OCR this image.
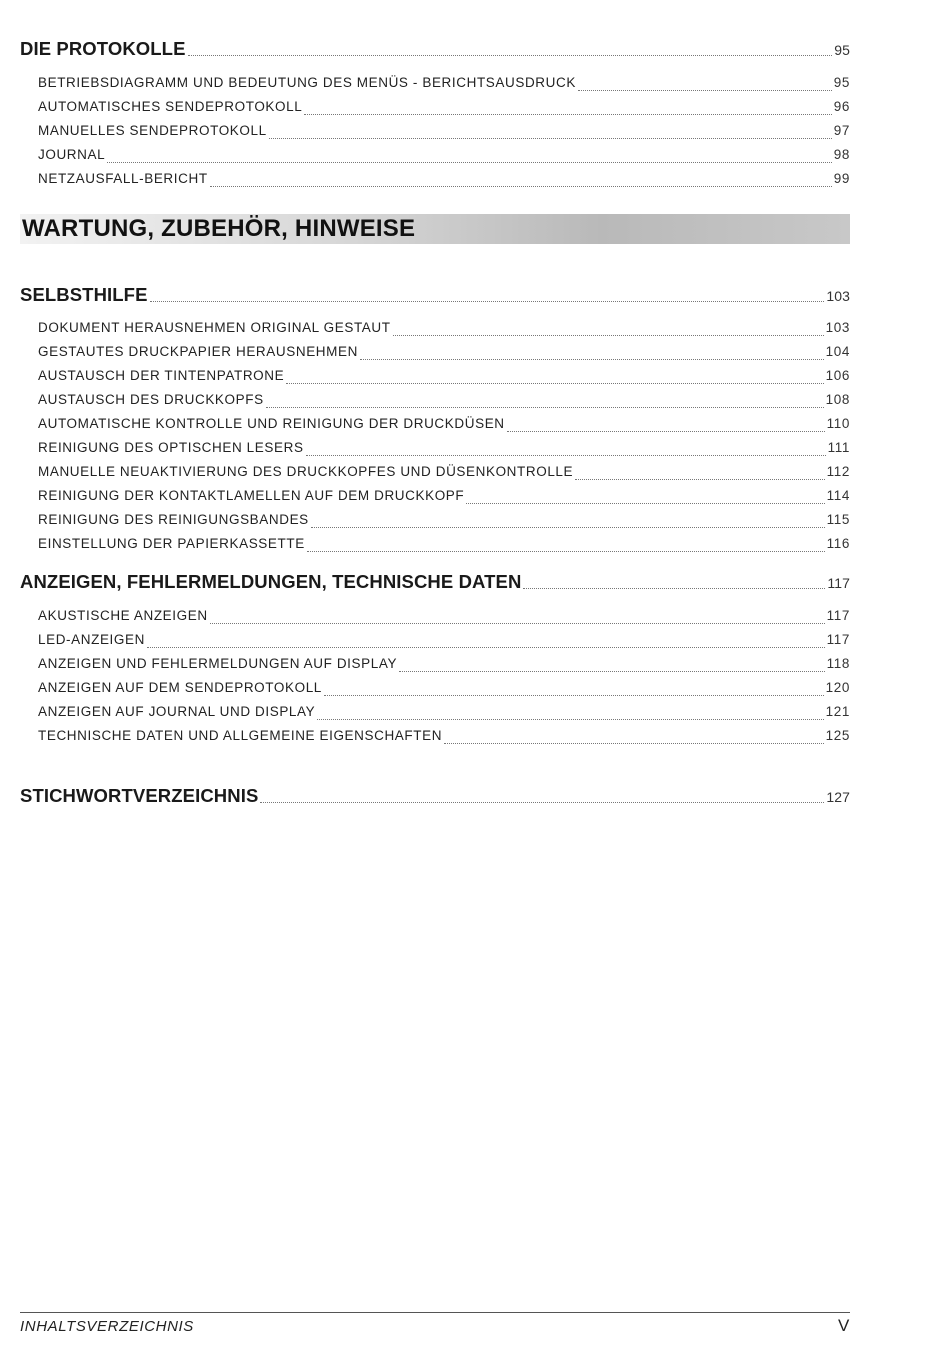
DIE PROTOKOLLE	95
BETRIEBSDIAGRAMM UND BEDEUTUNG DES MENÜS - BERICHTSAUSDRUCK	95
AUTOMATISCHES SENDEPROTOKOLL	96
MANUELLES SENDEPROTOKOLL	97
JOURNAL	98
NETZAUSFALL-BERICHT	99
WARTUNG, ZUBEHÖR, HINWEISE
SELBSTHILFE	103
DOKUMENT HERAUSNEHMEN ORIGINAL GESTAUT	103
GESTAUTES DRUCKPAPIER HERAUSNEHMEN	104
AUSTAUSCH DER TINTENPATRONE	106
AUSTAUSCH DES DRUCKKOPFS	108
AUTOMATISCHE KONTROLLE UND REINIGUNG DER DRUCKDÜSEN	110
REINIGUNG DES OPTISCHEN LESERS	111
MANUELLE NEUAKTIVIERUNG DES DRUCKKOPFES UND DÜSENKONTROLLE	112
REINIGUNG DER KONTAKTLAMELLEN AUF DEM DRUCKKOPF	114
REINIGUNG DES REINIGUNGSBANDES	115
EINSTELLUNG DER PAPIERKASSETTE	116
ANZEIGEN, FEHLERMELDUNGEN, TECHNISCHE DATEN	117
AKUSTISCHE ANZEIGEN	117
LED-ANZEIGEN	117
ANZEIGEN UND FEHLERMELDUNGEN AUF DISPLAY	118
ANZEIGEN AUF DEM SENDEPROTOKOLL	120
ANZEIGEN AUF JOURNAL UND DISPLAY	121
TECHNISCHE DATEN UND ALLGEMEINE EIGENSCHAFTEN	125
STICHWORTVERZEICHNIS	127
INHALTSVERZEICHNIS	V
